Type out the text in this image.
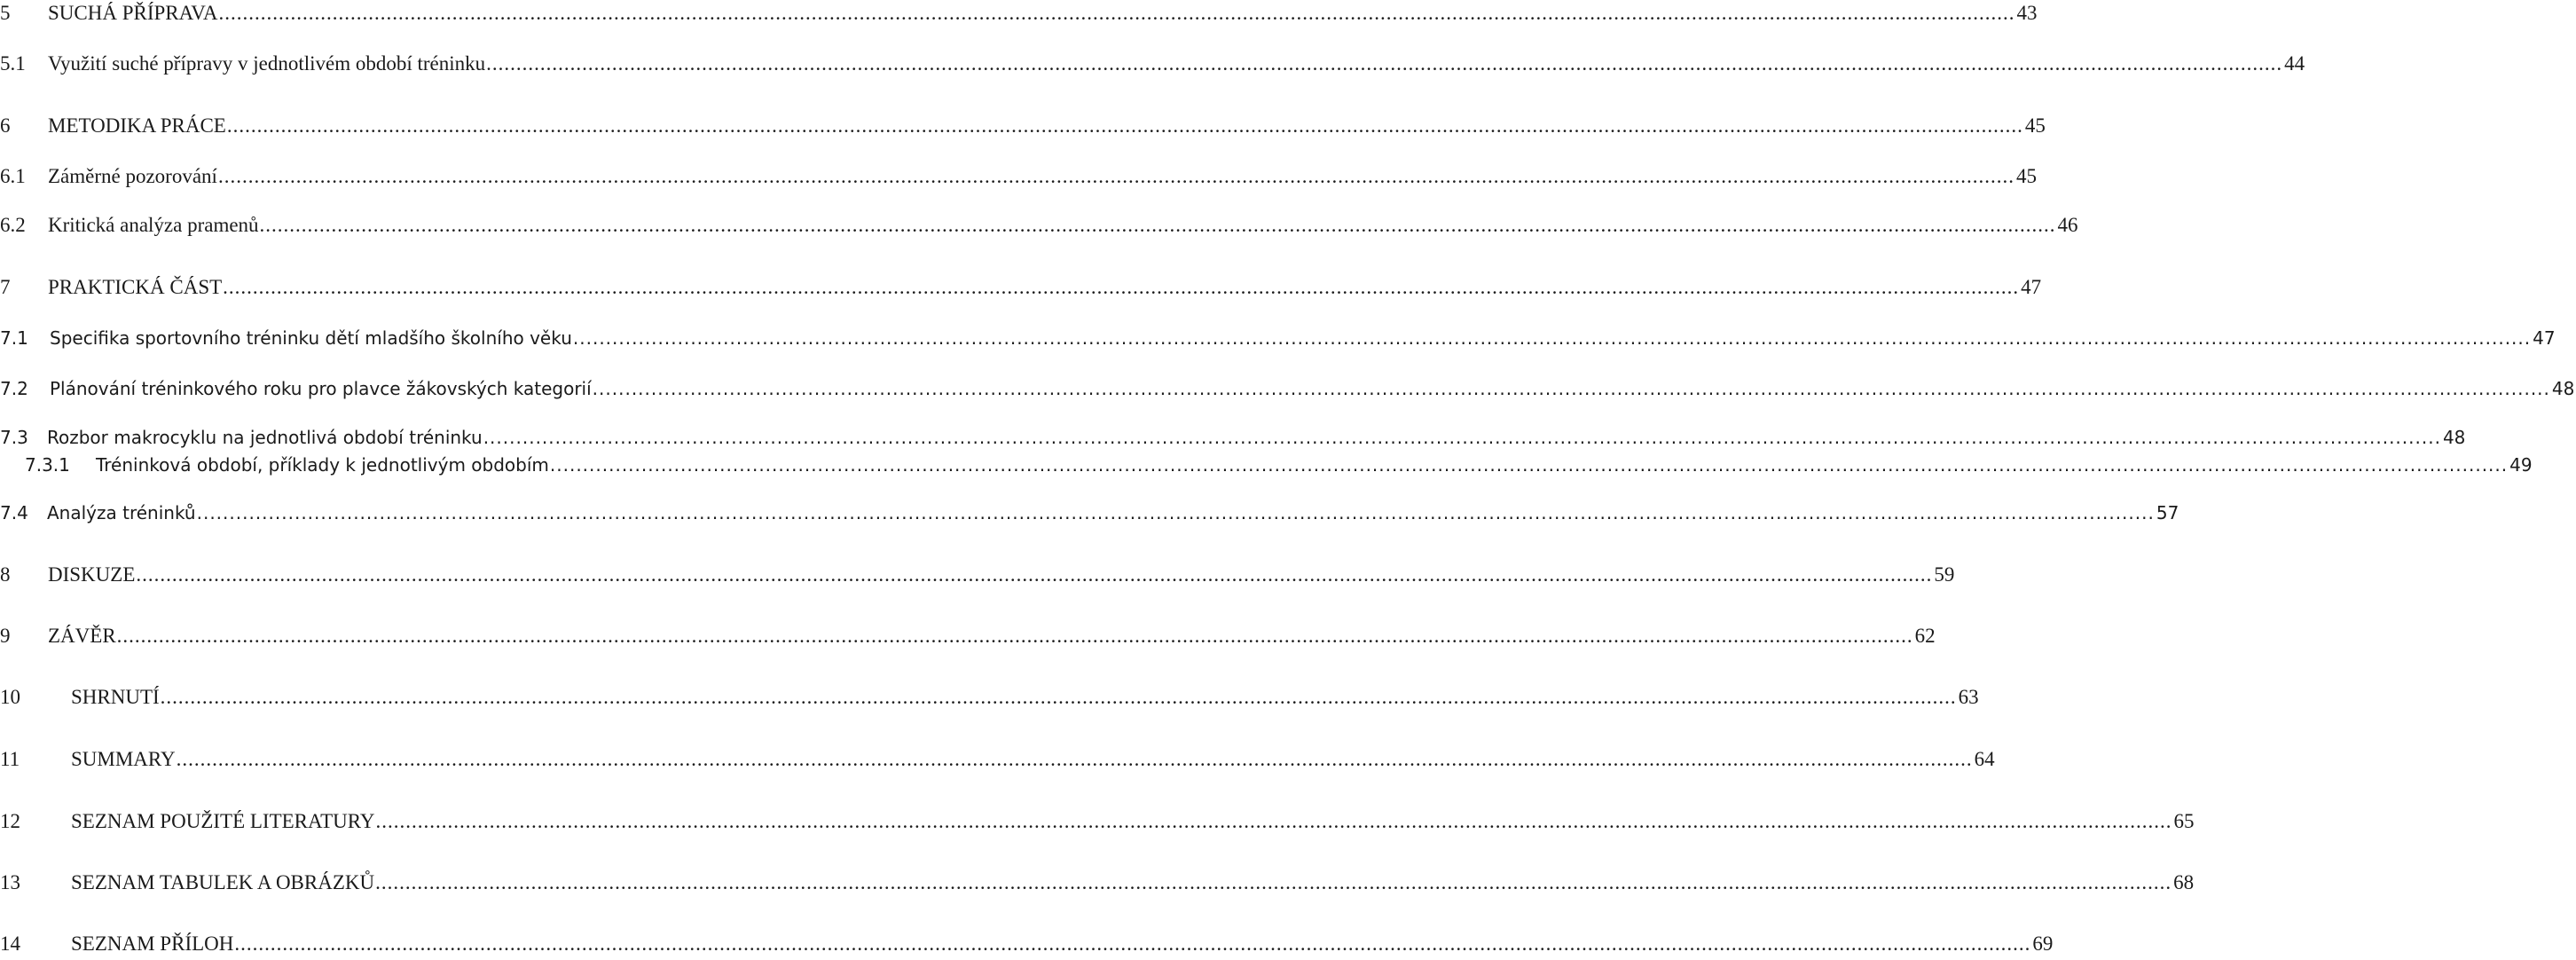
5	SUCHÁ PŘÍPRAVA ............................................................................................................................................................................................................................................................................................................ 43
5.1	Využití suché přípravy v jednotlivém období tréninku ............................................................................................................................................................................................................................................................................................................ 44
6	METODIKA PRÁCE ............................................................................................................................................................................................................................................................................................................ 45
6.1	Záměrné pozorování ............................................................................................................................................................................................................................................................................................................ 45
6.2	Kritická analýza pramenů ............................................................................................................................................................................................................................................................................................................ 46
7	PRAKTICKÁ ČÁST ............................................................................................................................................................................................................................................................................................................ 47
7.1	Specifika sportovního tréninku dětí mladšího školního věku ............................................................................................................................................................................................................................................................................................................ 47
7.2	Plánování tréninkového roku pro plavce žákovských kategorií ............................................................................................................................................................................................................................................................................................................ 48
7.3	Rozbor makrocyklu na jednotlivá období tréninku ............................................................................................................................................................................................................................................................................................................ 48
7.3.1	Tréninková období, příklady k jednotlivým obdobím ............................................................................................................................................................................................................................................................................................................ 49
7.4	Analýza tréninků ............................................................................................................................................................................................................................................................................................................ 57
8	DISKUZE ............................................................................................................................................................................................................................................................................................................ 59
9	ZÁVĚR ............................................................................................................................................................................................................................................................................................................ 62
10	SHRNUTÍ ............................................................................................................................................................................................................................................................................................................ 63
11	SUMMARY ............................................................................................................................................................................................................................................................................................................ 64
12	SEZNAM POUŽITÉ LITERATURY ............................................................................................................................................................................................................................................................................................................ 65
13	SEZNAM TABULEK A OBRÁZKŮ ............................................................................................................................................................................................................................................................................................................ 68
14	SEZNAM PŘÍLOH ............................................................................................................................................................................................................................................................................................................ 69
